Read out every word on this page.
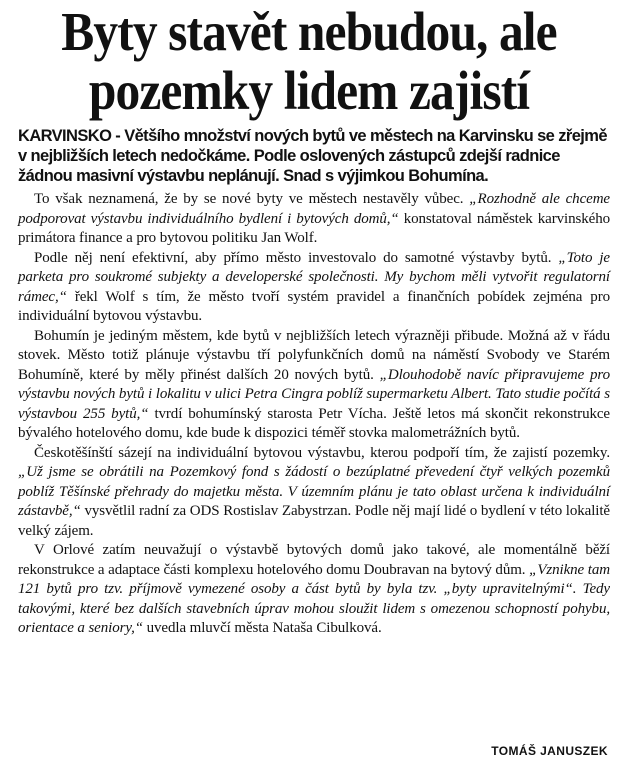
Byty stavět nebudou, ale
pozemky lidem zajistí

KARVINSKO - Většího množství nových bytů ve městech na Karvinsku se zřejmě v nejbližších letech nedočkáme. Podle oslovených zástupců zdejší radnice žádnou masivní výstavbu neplánují. Snad s výjimkou Bohumína.

To však neznamená, že by se nové byty ve městech nestavěly vůbec. „Rozhodně ale chceme podporovat výstavbu individuálního bydlení i bytových domů,“ konstatoval náměstek karvinského primátora finance a pro bytovou politiku Jan Wolf.

Podle něj není efektivní, aby přímo město investovalo do samotné výstavby bytů. „Toto je parketa pro soukromé subjekty a developerské společnosti. My bychom měli vytvořit regulatorní rámec,“ řekl Wolf s tím, že město tvoří systém pravidel a finančních pobídek zejména pro individuální bytovou výstavbu.

Bohumín je jediným městem, kde bytů v nejbližších letech výrazněji přibude. Možná až v řádu stovek. Město totiž plánuje výstavbu tří polyfunkčních domů na náměstí Svobody ve Starém Bohumíně, které by měly přinést dalších 20 nových bytů. „Dlouhodobě navíc připravujeme pro výstavbu nových bytů i lokalitu v ulici Petra Cingra poblíž supermarketu Albert. Tato studie počítá s výstavbou 255 bytů,“ tvrdí bohumínský starosta Petr Vícha. Ještě letos má skončit rekonstrukce bývalého hotelového domu, kde bude k dispozici téměř stovka malometrážních bytů.

Českotěšínští sázejí na individuální bytovou výstavbu, kterou podpoří tím, že zajistí pozemky. „Už jsme se obrátili na Pozemkový fond s žádostí o bezúplatné převedení čtyř velkých pozemků poblíž Těšínské přehrady do majetku města. V územním plánu je tato oblast určena k individuální zástavbě,“ vysvětlil radní za ODS Rostislav Zabystrzan. Podle něj mají lidé o bydlení v této lokalitě velký zájem.

V Orlové zatím neuvažují o výstavbě bytových domů jako takové, ale momentálně běží rekonstrukce a adaptace části komplexu hotelového domu Doubravan na bytový dům. „Vznikne tam 121 bytů pro tzv. příjmově vymezené osoby a část bytů by byla tzv. „byty upravitelnými“. Tedy takovými, které bez dalších stavebních úprav mohou sloužit lidem s omezenou schopností pohybu, orientace a seniory,“ uvedla mluvčí města Nataša Cibulková.

TOMÁŠ JANUSZEK
